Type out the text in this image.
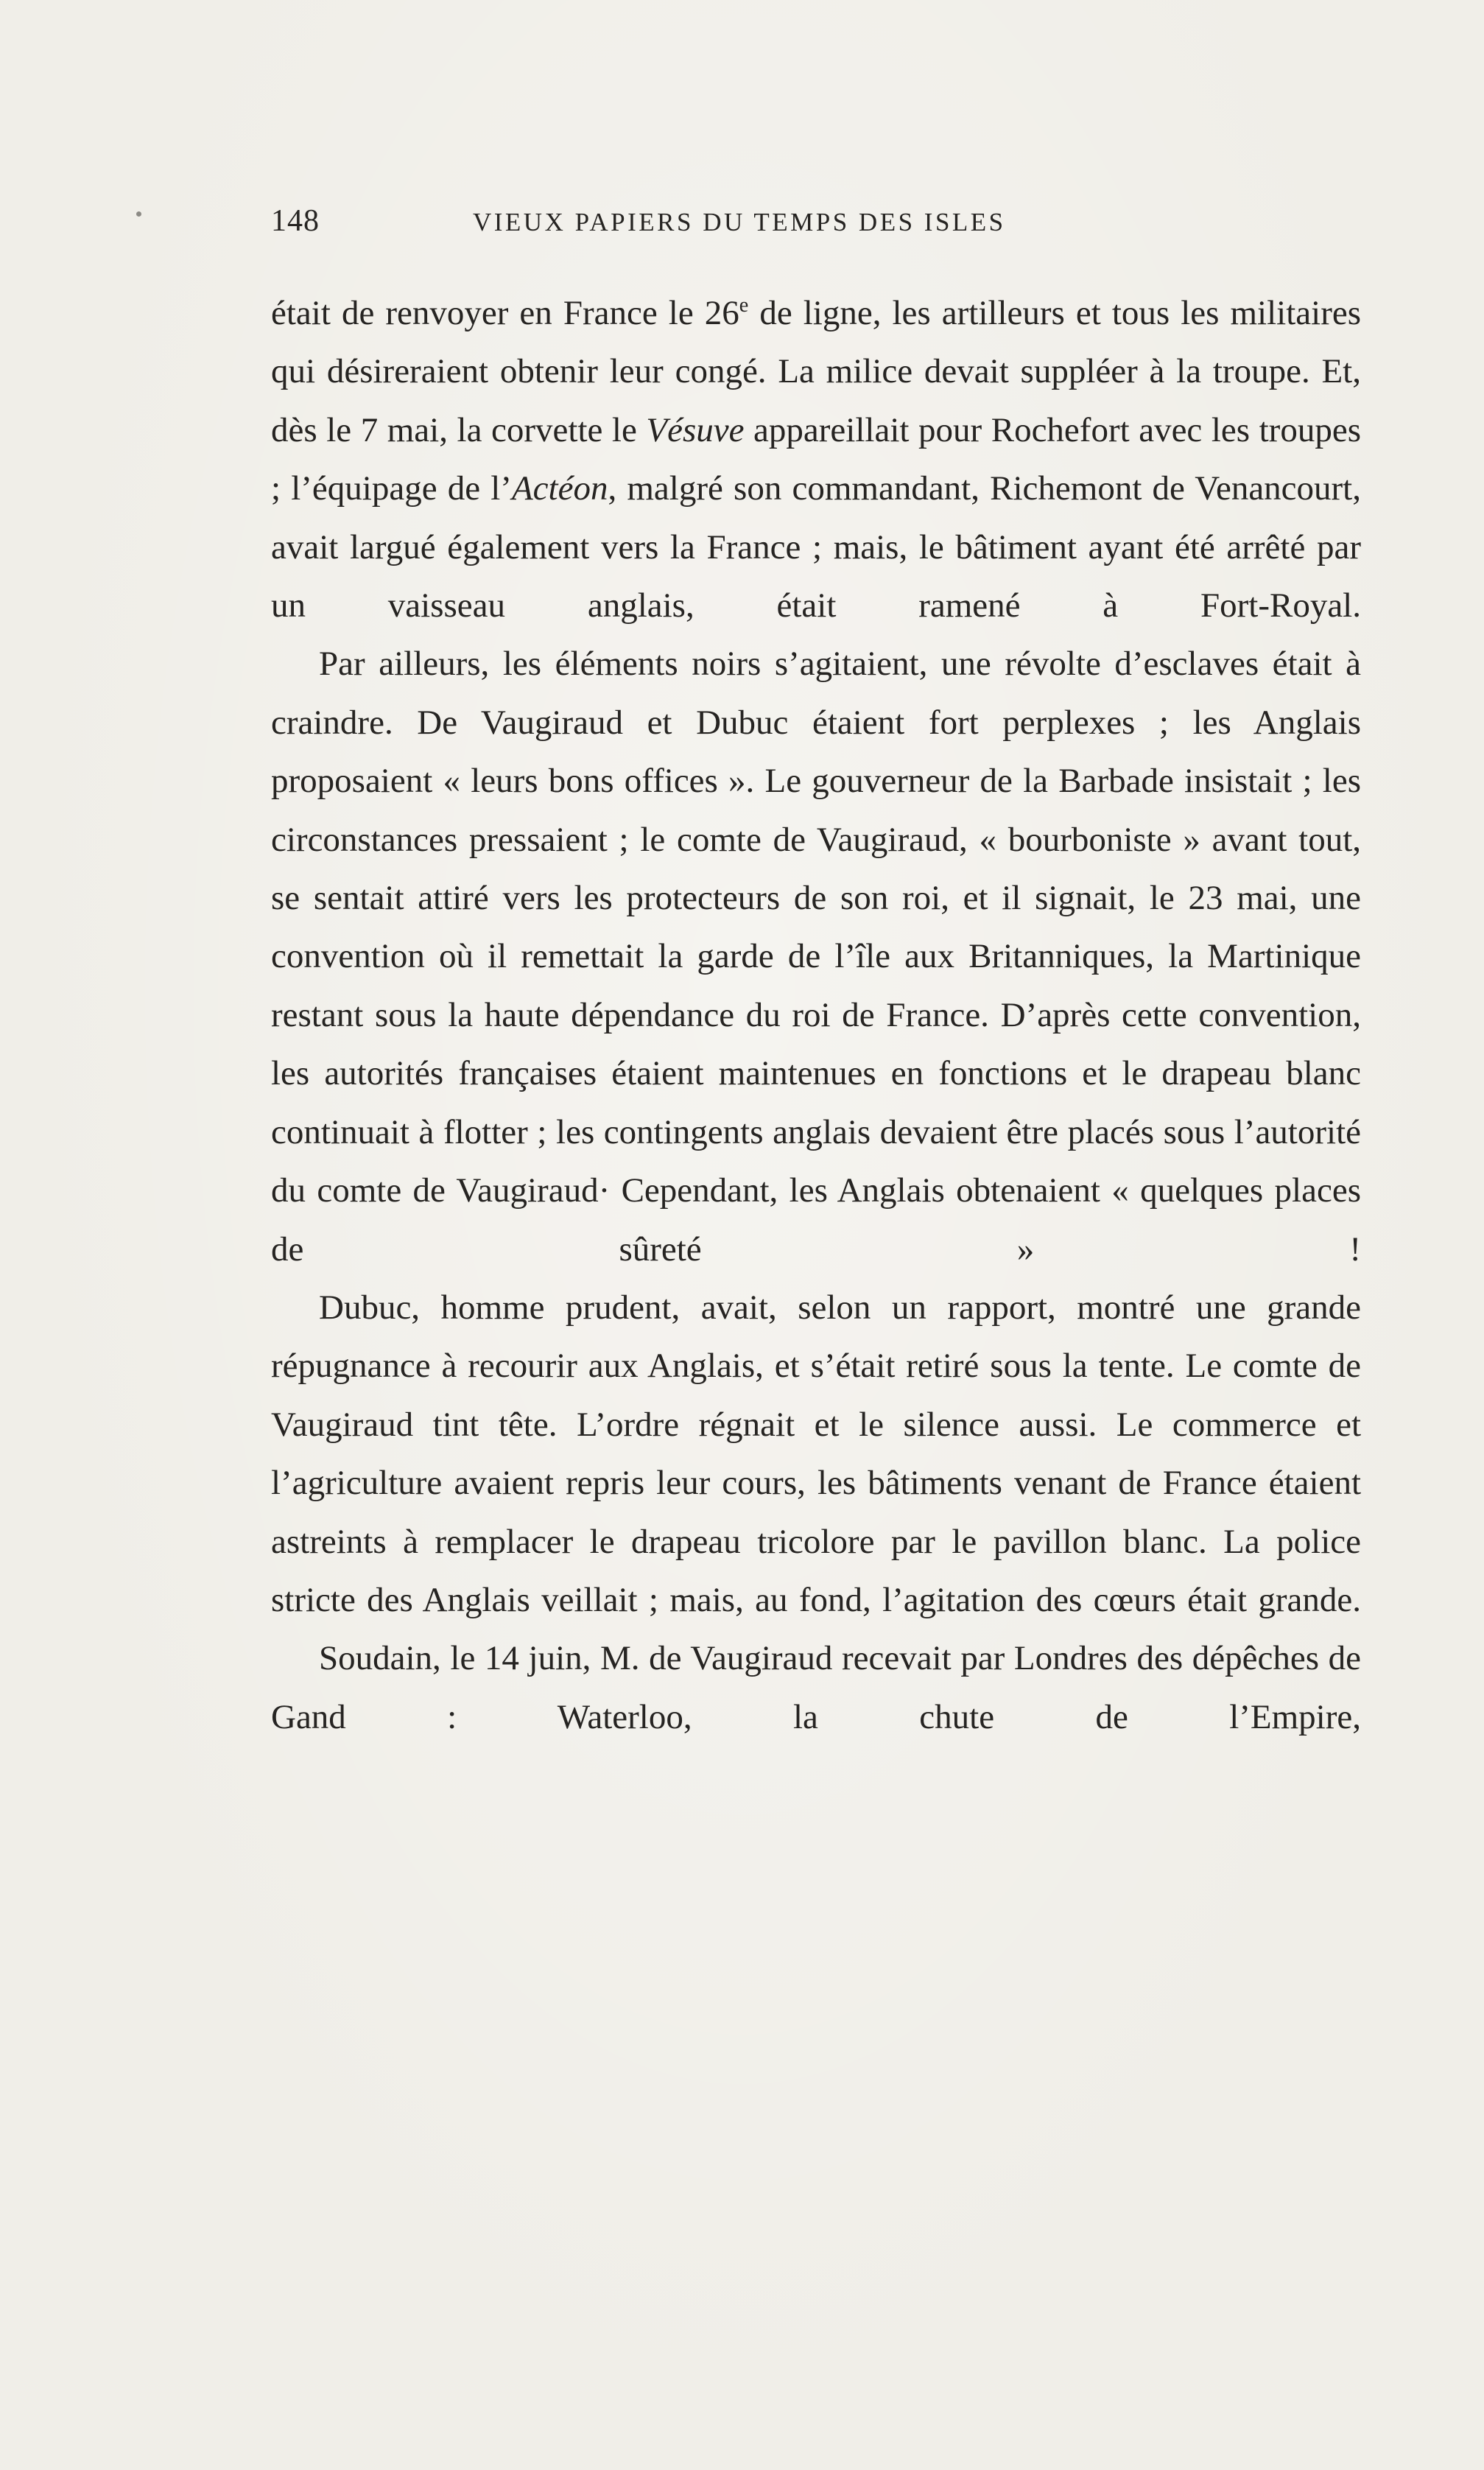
148	VIEUX PAPIERS DU TEMPS DES ISLES

était de renvoyer en France le 26e de ligne, les artilleurs et tous les militaires qui désireraient obtenir leur congé. La milice devait suppléer à la troupe. Et, dès le 7 mai, la corvette le Vésuve appareillait pour Rochefort avec les troupes ; l’équipage de l’Actéon, malgré son commandant, Richemont de Venancourt, avait largué également vers la France ; mais, le bâtiment ayant été arrêté par un vaisseau anglais, était ramené à Fort-Royal.

Par ailleurs, les éléments noirs s’agitaient, une révolte d’esclaves était à craindre. De Vaugiraud et Dubuc étaient fort perplexes ; les Anglais proposaient « leurs bons offices ». Le gouverneur de la Barbade insistait ; les circonstances pressaient ; le comte de Vaugiraud, « bourboniste » avant tout, se sentait attiré vers les protecteurs de son roi, et il signait, le 23 mai, une convention où il remettait la garde de l’île aux Britanniques, la Martinique restant sous la haute dépendance du roi de France. D’après cette convention, les autorités françaises étaient maintenues en fonctions et le drapeau blanc continuait à flotter ; les contingents anglais devaient être placés sous l’autorité du comte de Vaugiraud· Cependant, les Anglais obtenaient « quelques places de sûreté » !

Dubuc, homme prudent, avait, selon un rapport, montré une grande répugnance à recourir aux Anglais, et s’était retiré sous la tente. Le comte de Vaugiraud tint tête. L’ordre régnait et le silence aussi. Le commerce et l’agriculture avaient repris leur cours, les bâtiments venant de France étaient astreints à remplacer le drapeau tricolore par le pavillon blanc. La police stricte des Anglais veillait ; mais, au fond, l’agitation des cœurs était grande.

Soudain, le 14 juin, M. de Vaugiraud recevait par Londres des dépêches de Gand : Waterloo, la chute de l’Empire,
